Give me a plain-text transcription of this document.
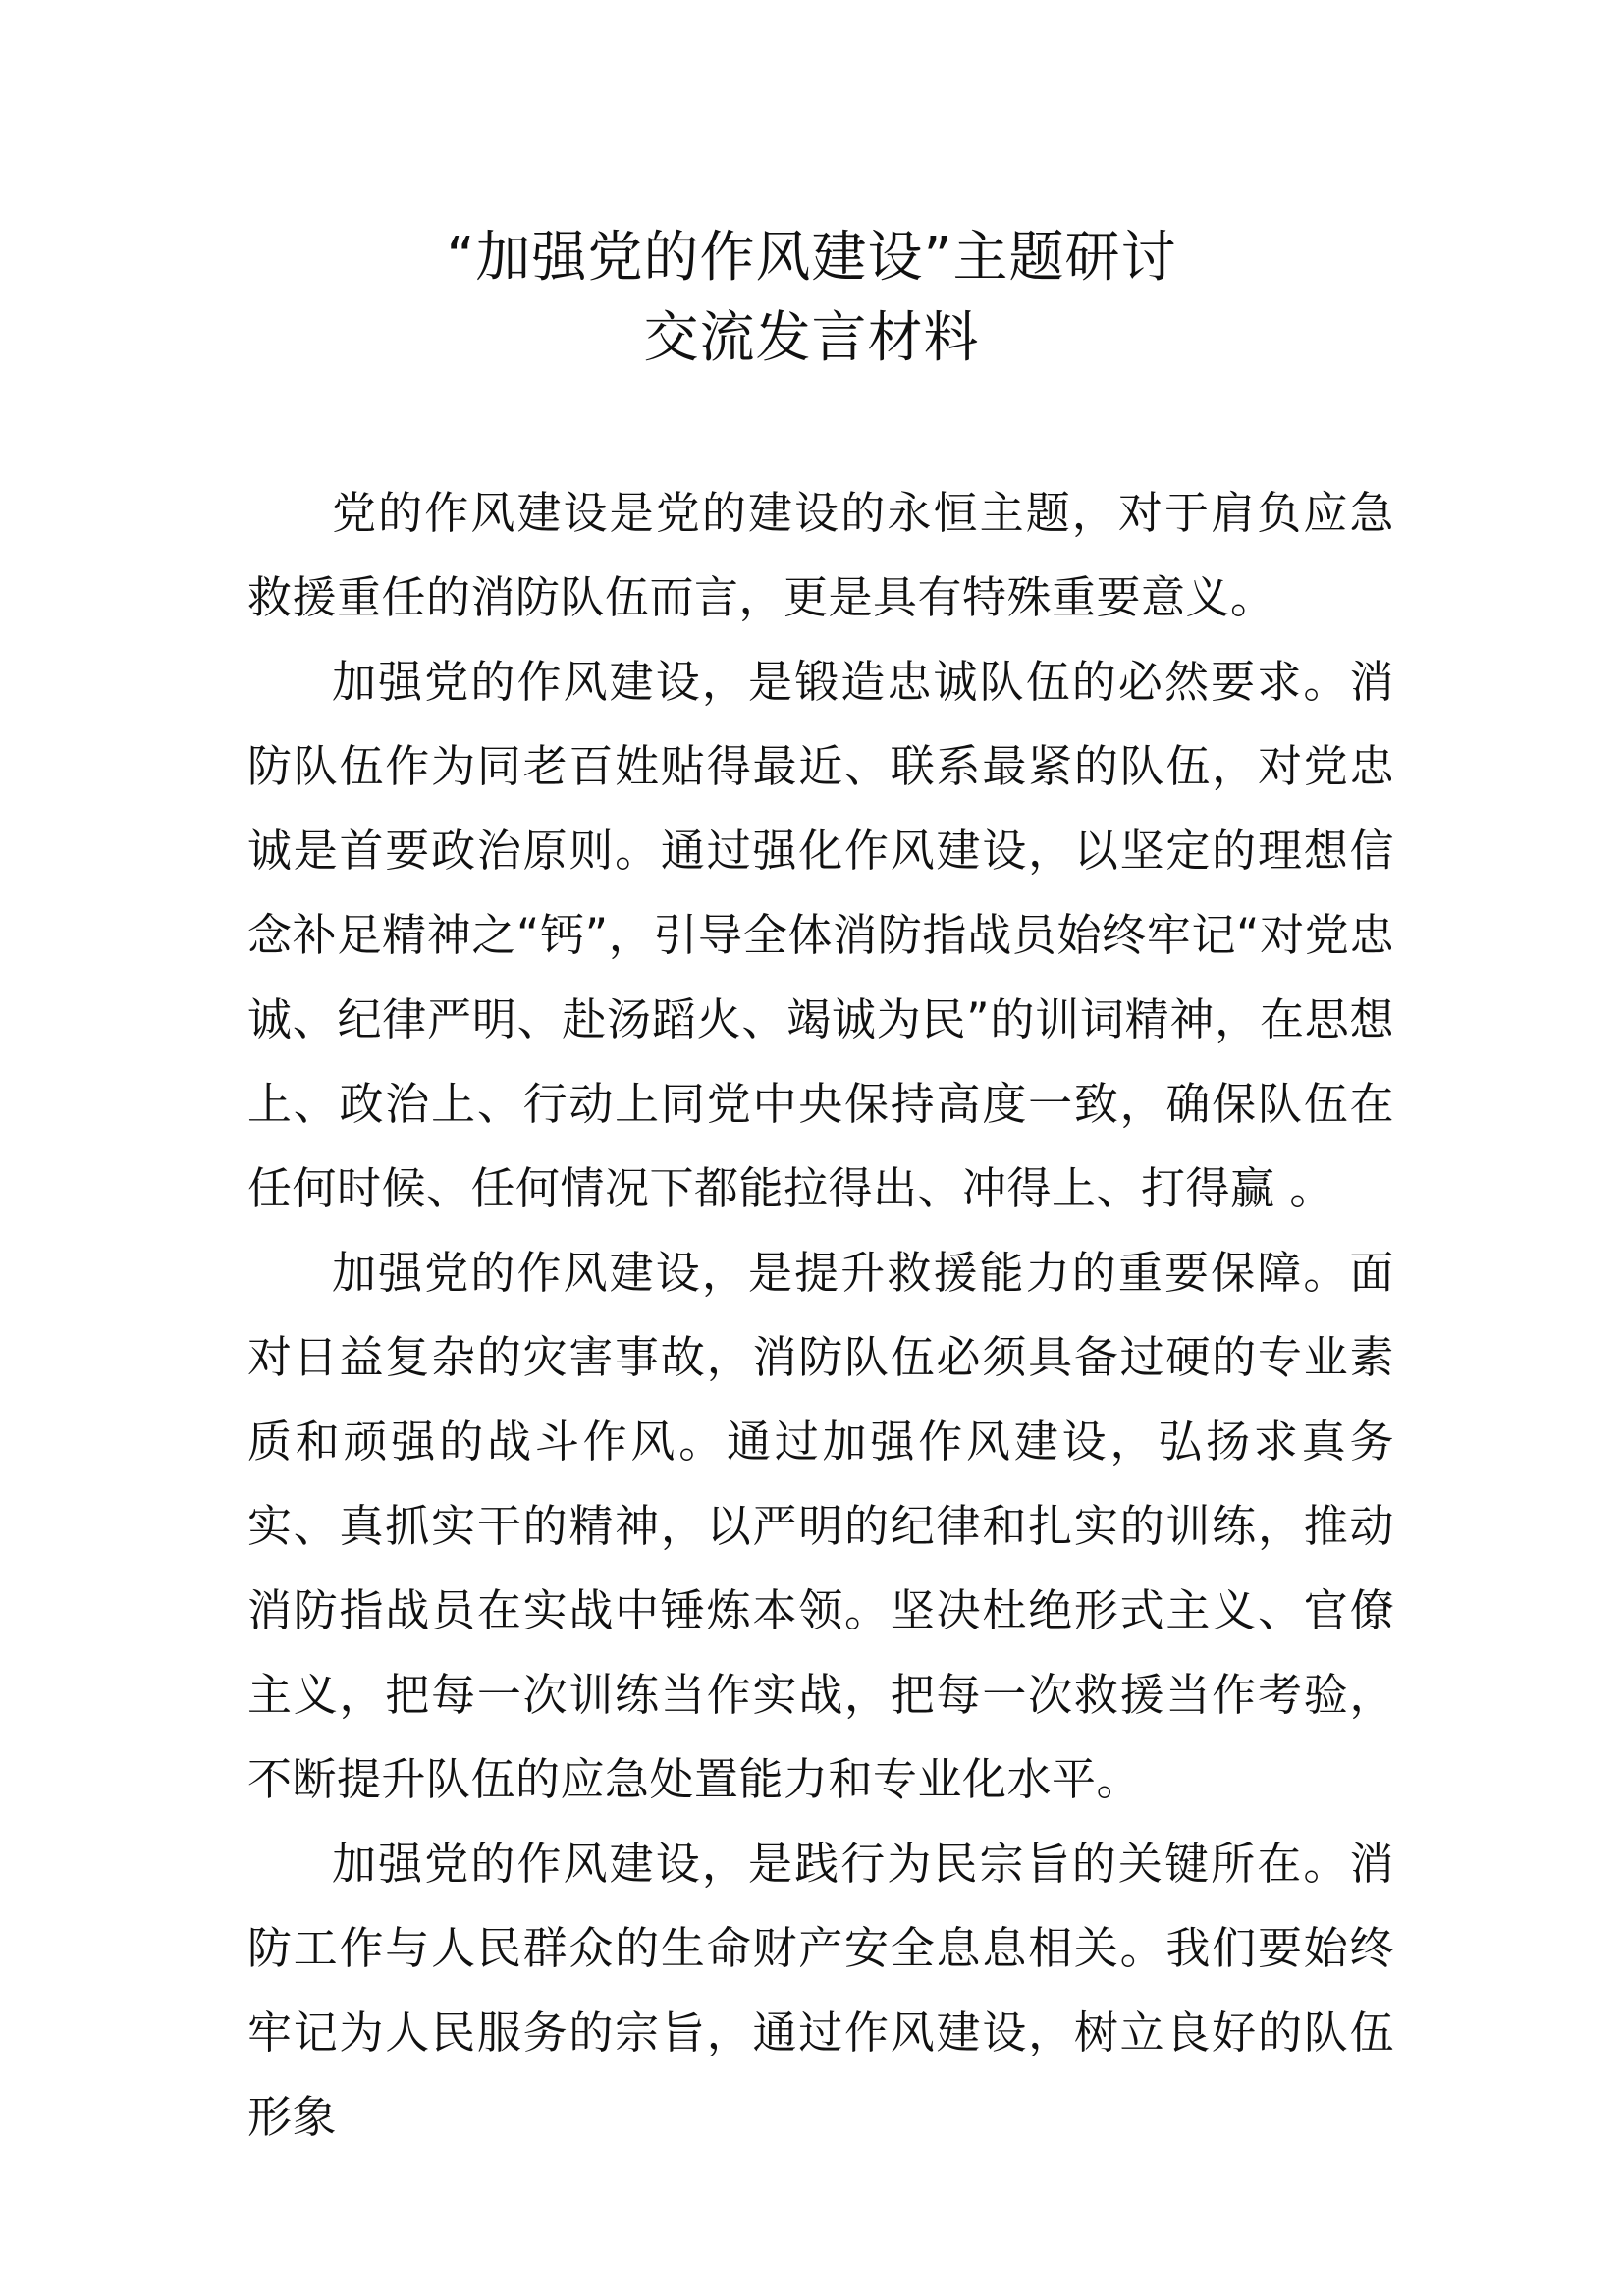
“加强党的作风建设”主题研讨
交流发言材料

党的作风建设是党的建设的永恒主题，对于肩负应急救援重任的消防队伍而言，更是具有特殊重要意义。

加强党的作风建设，是锻造忠诚队伍的必然要求。消防队伍作为同老百姓贴得最近、联系最紧的队伍，对党忠诚是首要政治原则。通过强化作风建设，以坚定的理想信念补足精神之“钙”，引导全体消防指战员始终牢记“对党忠诚、纪律严明、赴汤蹈火、竭诚为民”的训词精神，在思想上、政治上、行动上同党中央保持高度一致，确保队伍在任何时候、任何情况下都能拉得出、冲得上、打得赢 。

加强党的作风建设，是提升救援能力的重要保障。面对日益复杂的灾害事故，消防队伍必须具备过硬的专业素质和顽强的战斗作风。通过加强作风建设，弘扬求真务实、真抓实干的精神，以严明的纪律和扎实的训练，推动消防指战员在实战中锤炼本领。坚决杜绝形式主义、官僚主义，把每一次训练当作实战，把每一次救援当作考验，不断提升队伍的应急处置能力和专业化水平。

加强党的作风建设，是践行为民宗旨的关键所在。消防工作与人民群众的生命财产安全息息相关。我们要始终牢记为人民服务的宗旨，通过作风建设，树立良好的队伍形象
